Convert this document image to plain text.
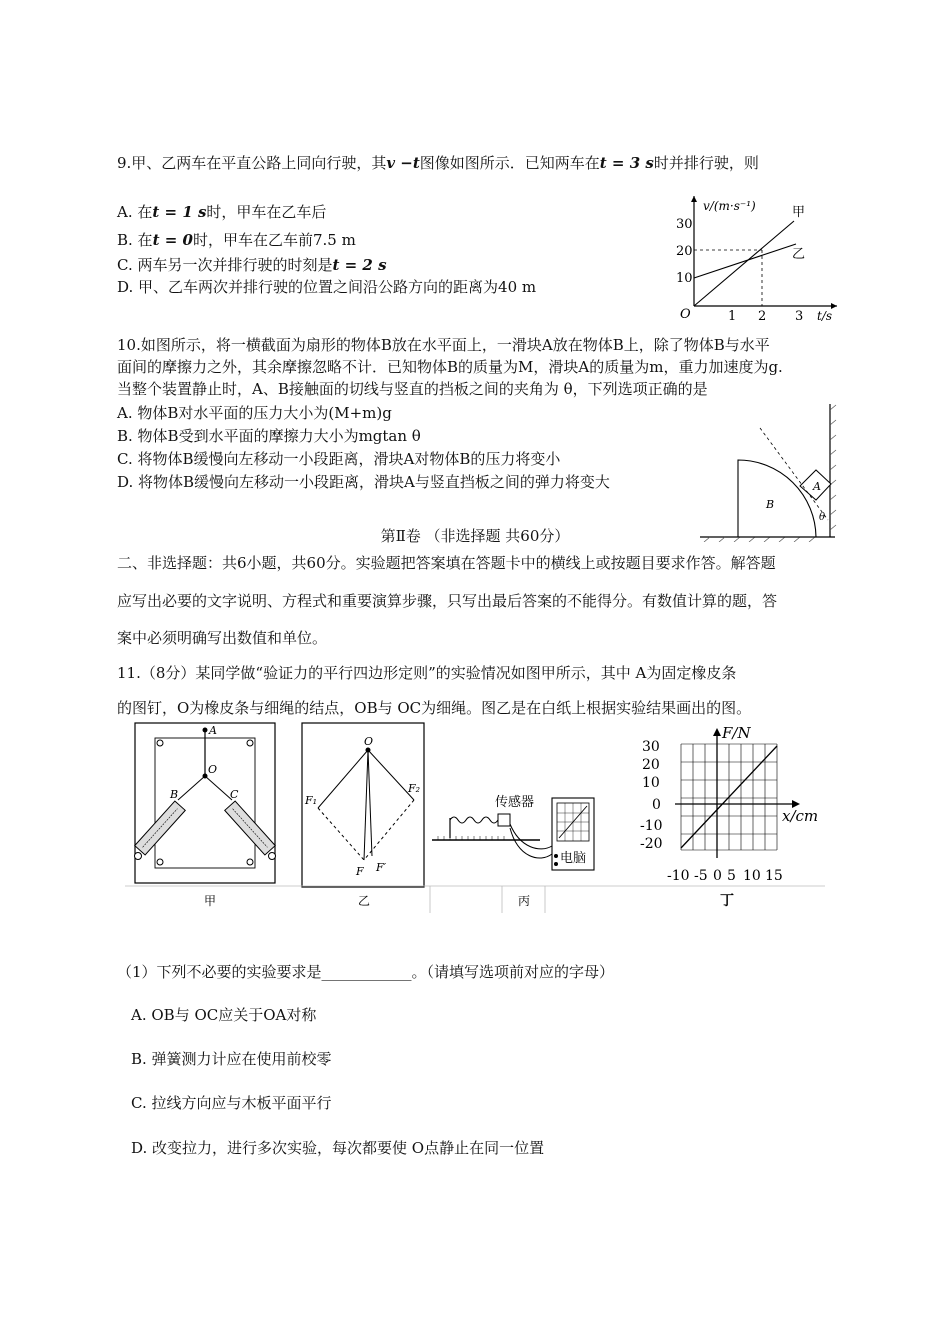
9.甲、乙两车在平直公路上同向行驶，其v −t图像如图所示．已知两车在t = 3 s时并排行驶，则
A. 在t = 1 s时，甲车在乙车后
B. 在t = 0时，甲车在乙车前7.5 m
C. 两车另一次并排行驶的时刻是t = 2 s
D. 甲、乙车两次并排行驶的位置之间沿公路方向的距离为40 m
v/(m·s⁻¹)
t/s
O
10
20
30
1 2 3
甲
乙
10.如图所示，将一横截面为扇形的物体B放在水平面上，一滑块A放在物体B上，除了物体B与水平
面间的摩擦力之外，其余摩擦忽略不计．已知物体B的质量为M，滑块A的质量为m，重力加速度为g.
当整个装置静止时，A、B接触面的切线与竖直的挡板之间的夹角为 θ，下列选项正确的是
A. 物体B对水平面的压力大小为(M+m)g
B. 物体B受到水平面的摩擦力大小为mgtan θ
C. 将物体B缓慢向左移动一小段距离，滑块A对物体B的压力将变小
D. 将物体B缓慢向左移动一小段距离，滑块A与竖直挡板之间的弹力将变大	A
B
θ
第Ⅱ卷 （非选择题 共60分）
二、非选择题：共6小题，共60分。实验题把答案填在答题卡中的横线上或按题目要求作答。解答题
应写出必要的文字说明、方程式和重要演算步骤，只写出最后答案的不能得分。有数值计算的题，答
案中必须明确写出数值和单位。
11.（8分）某同学做“验证力的平行四边形定则”的实验情况如图甲所示，其中 A为固定橡皮条
的图钉，O为橡皮条与细绳的结点，OB与 OC为细绳。图乙是在白纸上根据实验结果画出的图。
A
O
B	C
甲
O
F₁
F₂
F F′
乙
传感器
电脑
丙
F/N
x/cm
30
20
10
0
-10
-20
-10 -5 0 5 10 15
丁
（1）下列不必要的实验要求是____________。（请填写选项前对应的字母）
A. OB与 OC应关于OA对称
B. 弹簧测力计应在使用前校零
C. 拉线方向应与木板平面平行
D. 改变拉力，进行多次实验，每次都要使 O点静止在同一位置
